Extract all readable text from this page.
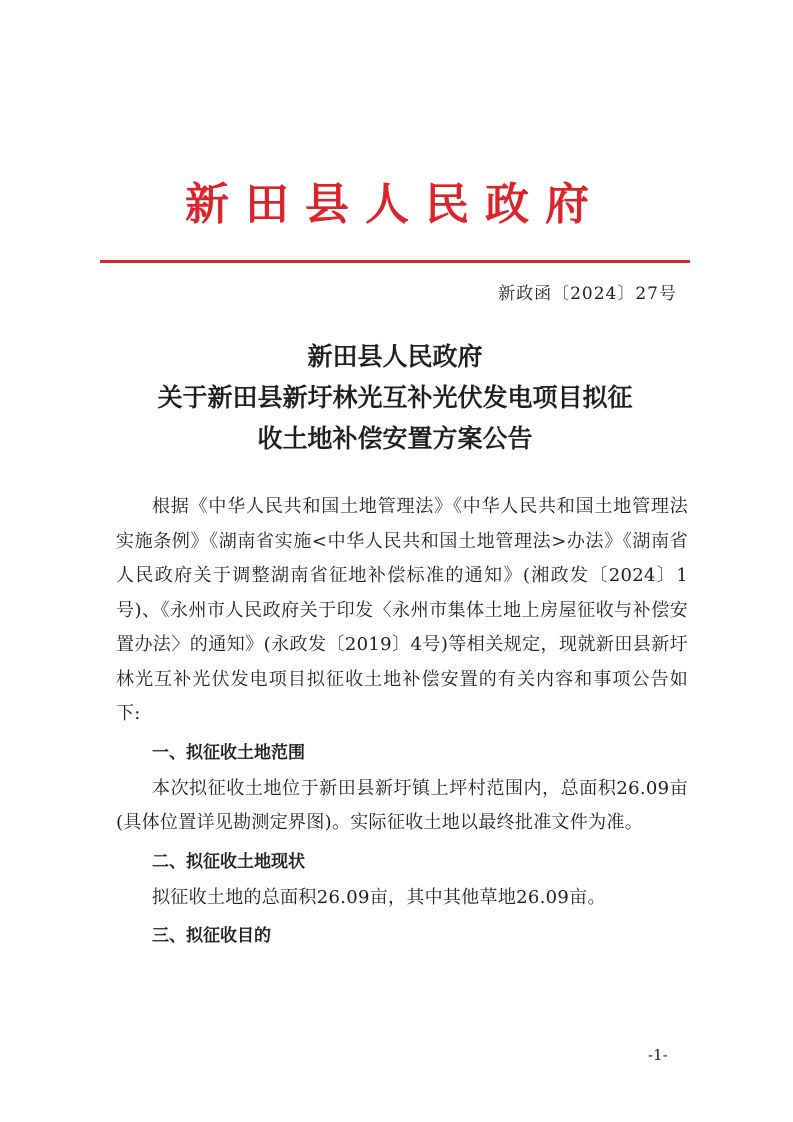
新田县人民政府
新政函〔2024〕27号
新田县人民政府
关于新田县新圩林光互补光伏发电项目拟征
收土地补偿安置方案公告

根据《中华人民共和国土地管理法》《中华人民共和国土地管理法实施条例》《湖南省实施<中华人民共和国土地管理法>办法》《湖南省人民政府关于调整湖南省征地补偿标准的通知》(湘政发〔2024〕1号)、《永州市人民政府关于印发〈永州市集体土地上房屋征收与补偿安置办法〉的通知》(永政发〔2019〕4号)等相关规定，现就新田县新圩林光互补光伏发电项目拟征收土地补偿安置的有关内容和事项公告如下:

一、拟征收土地范围

本次拟征收土地位于新田县新圩镇上坪村范围内，总面积26.09亩(具体位置详见勘测定界图)。实际征收土地以最终批准文件为准。

二、拟征收土地现状

拟征收土地的总面积26.09亩，其中其他草地26.09亩。

三、拟征收目的

-1-
